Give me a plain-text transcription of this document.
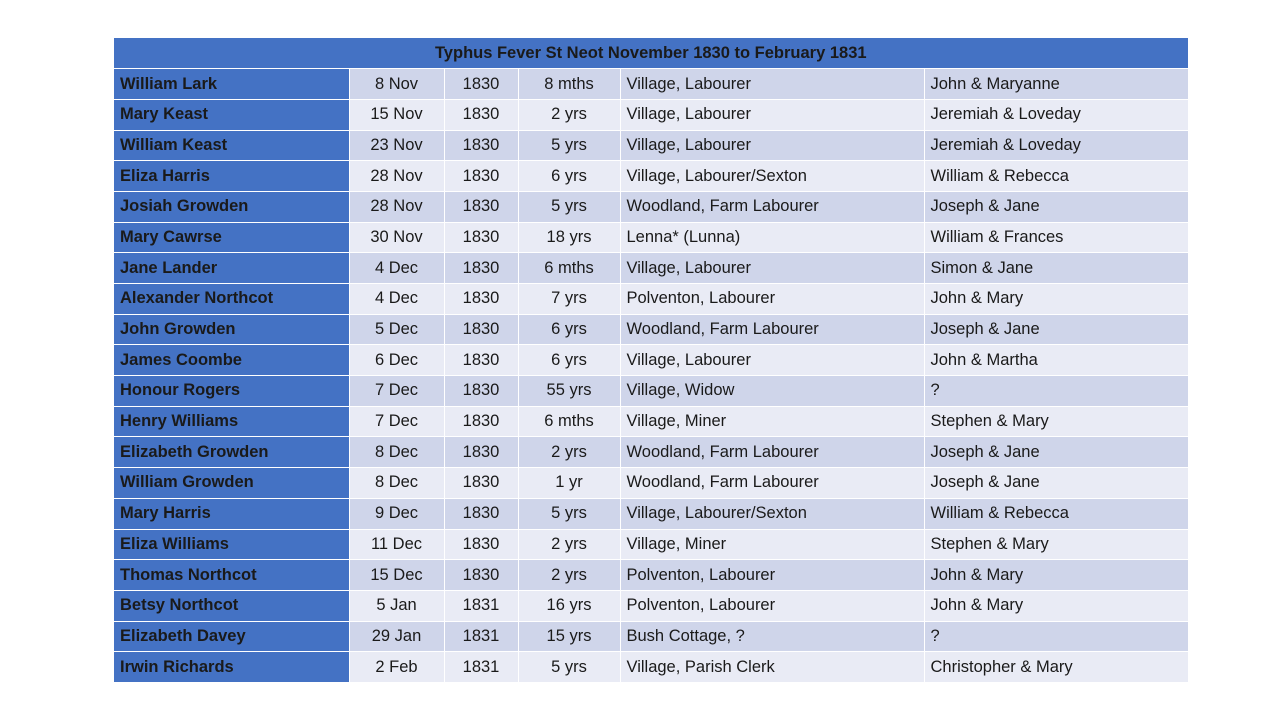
Typhus Fever St Neot November 1830 to February 1831					
William Lark	8 Nov	1830	8 mths	Village, Labourer	John & Maryanne
Mary Keast	15 Nov	1830	2 yrs	Village, Labourer	Jeremiah & Loveday
William Keast	23 Nov	1830	5 yrs	Village, Labourer	Jeremiah & Loveday
Eliza Harris	28 Nov	1830	6 yrs	Village, Labourer/Sexton	William & Rebecca
Josiah Growden	28 Nov	1830	5 yrs	Woodland, Farm Labourer	Joseph & Jane
Mary Cawrse	30 Nov	1830	18 yrs	Lenna* (Lunna)	William & Frances
Jane Lander	4 Dec	1830	6 mths	Village, Labourer	Simon & Jane
Alexander Northcot	4 Dec	1830	7 yrs	Polventon, Labourer	John & Mary
John Growden	5 Dec	1830	6 yrs	Woodland, Farm Labourer	Joseph & Jane
James Coombe	6 Dec	1830	6 yrs	Village, Labourer	John & Martha
Honour Rogers	7 Dec	1830	55 yrs	Village, Widow	?
Henry Williams	7 Dec	1830	6 mths	Village, Miner	Stephen & Mary
Elizabeth Growden	8 Dec	1830	2 yrs	Woodland, Farm Labourer	Joseph & Jane
William Growden	8 Dec	1830	1 yr	Woodland, Farm Labourer	Joseph & Jane
Mary Harris	9 Dec	1830	5 yrs	Village, Labourer/Sexton	William & Rebecca
Eliza Williams	11 Dec	1830	2 yrs	Village, Miner	Stephen & Mary
Thomas Northcot	15 Dec	1830	2 yrs	Polventon, Labourer	John & Mary
Betsy Northcot	5 Jan	1831	16 yrs	Polventon, Labourer	John & Mary
Elizabeth Davey	29 Jan	1831	15 yrs	Bush Cottage, ?	?
Irwin Richards	2 Feb	1831	5 yrs	Village, Parish Clerk	Christopher & Mary
